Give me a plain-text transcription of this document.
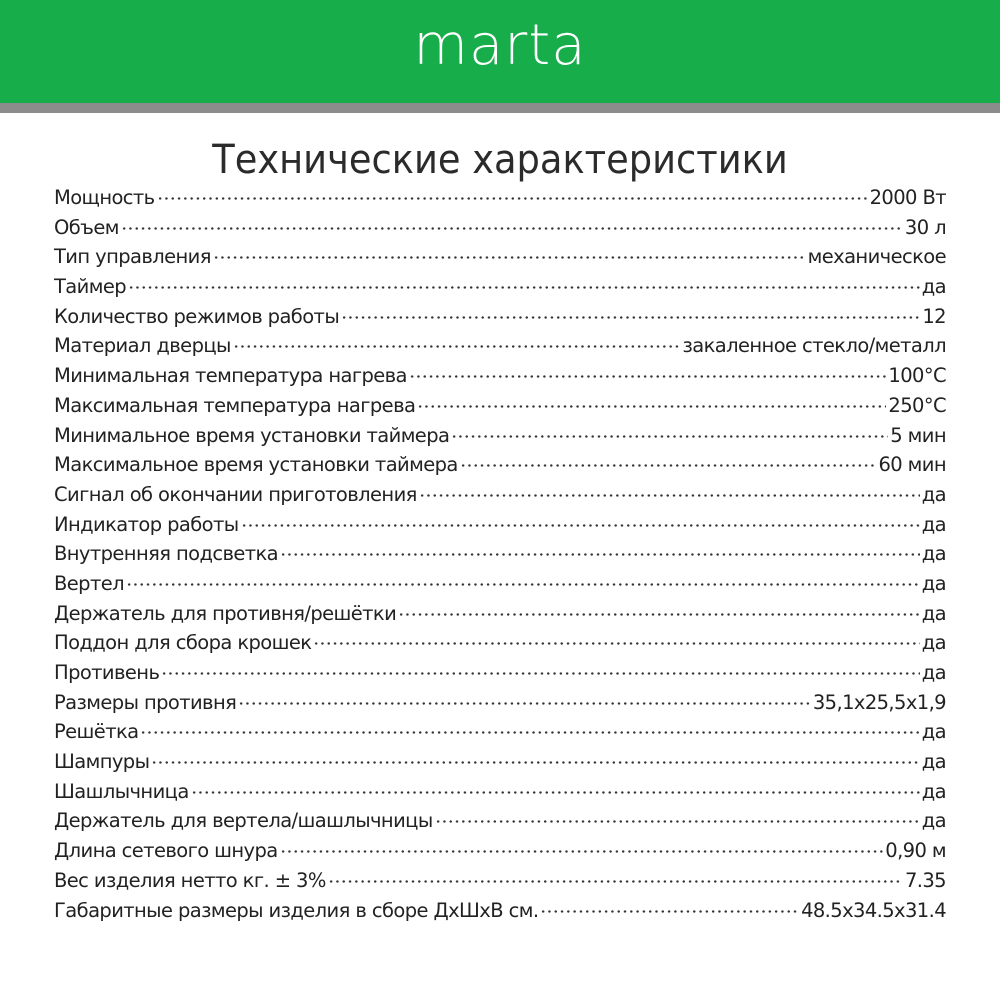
marta
Технические характеристики
Мощность	2000 Вт
Объем	30 л
Тип управления	механическое
Таймер	да
Количество режимов работы	12
Материал дверцы	закаленное стекло/металл
Минимальная температура нагрева	100°C
Максимальная температура нагрева	250°C
Минимальное время установки таймера	5 мин
Максимальное время установки таймера	60 мин
Сигнал об окончании приготовления	да
Индикатор работы	да
Внутренняя подсветка	да
Вертел	да
Держатель для противня/решётки	да
Поддон для сбора крошек	да
Противень	да
Размеры противня	35,1x25,5x1,9
Решётка	да
Шампуры	да
Шашлычница	да
Держатель для вертела/шашлычницы	да
Длина сетевого шнура	0,90 м
Вес изделия нетто кг. ± 3%	7.35
Габаритные размеры изделия в сборе ДхШхВ см.	48.5x34.5x31.4
